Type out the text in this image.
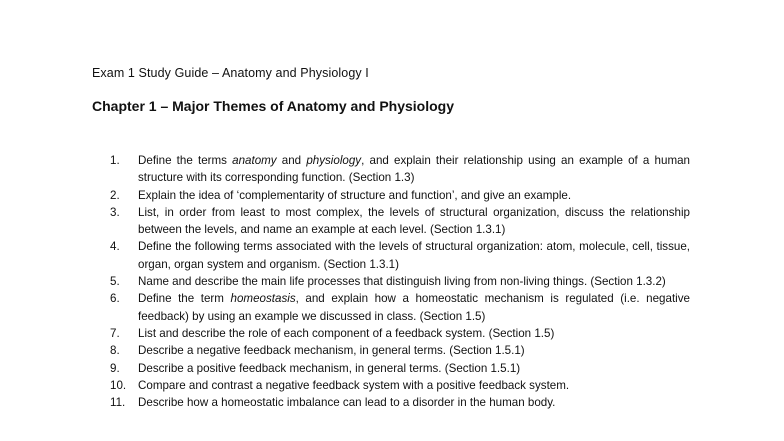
Exam 1 Study Guide – Anatomy and Physiology I
Chapter 1 – Major Themes of Anatomy and Physiology
1.	Define the terms anatomy and physiology, and explain their relationship using an example of a human structure with its corresponding function. (Section 1.3)
2.	Explain the idea of ‘complementarity of structure and function’, and give an example.
3.	List, in order from least to most complex, the levels of structural organization, discuss the relationship between the levels, and name an example at each level. (Section 1.3.1)
4.	Define the following terms associated with the levels of structural organization: atom, molecule, cell, tissue, organ, organ system and organism. (Section 1.3.1)
5.	Name and describe the main life processes that distinguish living from non-living things. (Section 1.3.2)
6.	Define the term homeostasis, and explain how a homeostatic mechanism is regulated (i.e. negative feedback) by using an example we discussed in class. (Section 1.5)
7.	List and describe the role of each component of a feedback system. (Section 1.5)
8.	Describe a negative feedback mechanism, in general terms. (Section 1.5.1)
9.	Describe a positive feedback mechanism, in general terms. (Section 1.5.1)
10.	Compare and contrast a negative feedback system with a positive feedback system.
11.	Describe how a homeostatic imbalance can lead to a disorder in the human body.
